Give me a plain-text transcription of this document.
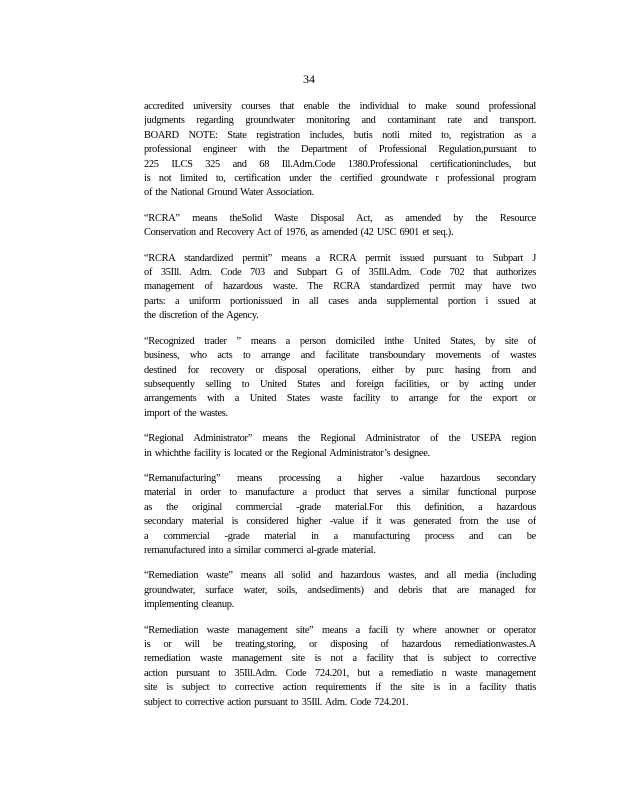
34
accredited university courses that enable the individual to make sound professional
judgments regarding groundwater monitoring and contaminant rate and transport.
BOARD NOTE: State registration includes, butis notli mited to, registration as a
professional engineer with the Department of Professional Regulation,pursuant to
225 ILCS 325 and 68 Ill.Adm.Code 1380.Professional certificationincludes, but
is not limited to, certification under the certified groundwate r professional program
of the National Ground Water Association.
“RCRA” means theSolid Waste Disposal Act, as amended by the Resource
Conservation and Recovery Act of 1976, as amended (42 USC 6901 et seq.).
“RCRA standardized permit” means a RCRA permit issued pursuant to Subpart J
of 35Ill. Adm. Code 703 and Subpart G of 35Ill.Adm. Code 702 that authorizes
management of hazardous waste. The RCRA standardized permit may have two
parts: a uniform portionissued in all cases anda supplemental portion i ssued at
the discretion of the Agency.
“Recognized trader ” means a person domiciled inthe United States, by site of
business, who acts to arrange and facilitate transboundary movements of wastes
destined for recovery or disposal operations, either by purc hasing from and
subsequently selling to United States and foreign facilities, or by acting under
arrangements with a United States waste facility to arrange for the export or
import of the wastes.
“Regional Administrator” means the Regional Administrator of the USEPA region
in whichthe facility is located or the Regional Administrator’s designee.
“Remanufacturing” means processing a higher -value hazardous secondary
material in order to manufacture a product that serves a similar functional purpose
as the original commercial -grade material.For this definition, a hazardous
secondary material is considered higher -value if it was generated from the use of
a commercial -grade material in a manufacturing process and can be
remanufactured into a similar commerci al-grade material.
“Remediation waste” means all solid and hazardous wastes, and all media (including
groundwater, surface water, soils, andsediments) and debris that are managed for
implementing cleanup.
“Remediation waste management site” means a facili ty where anowner or operator
is or will be treating,storing, or disposing of hazardous remediationwastes.A
remediation waste management site is not a facility that is subject to corrective
action pursuant to 35Ill.Adm. Code 724.201, but a remediatio n waste management
site is subject to corrective action requirements if the site is in a facility thatis
subject to corrective action pursuant to 35Ill. Adm. Code 724.201.
